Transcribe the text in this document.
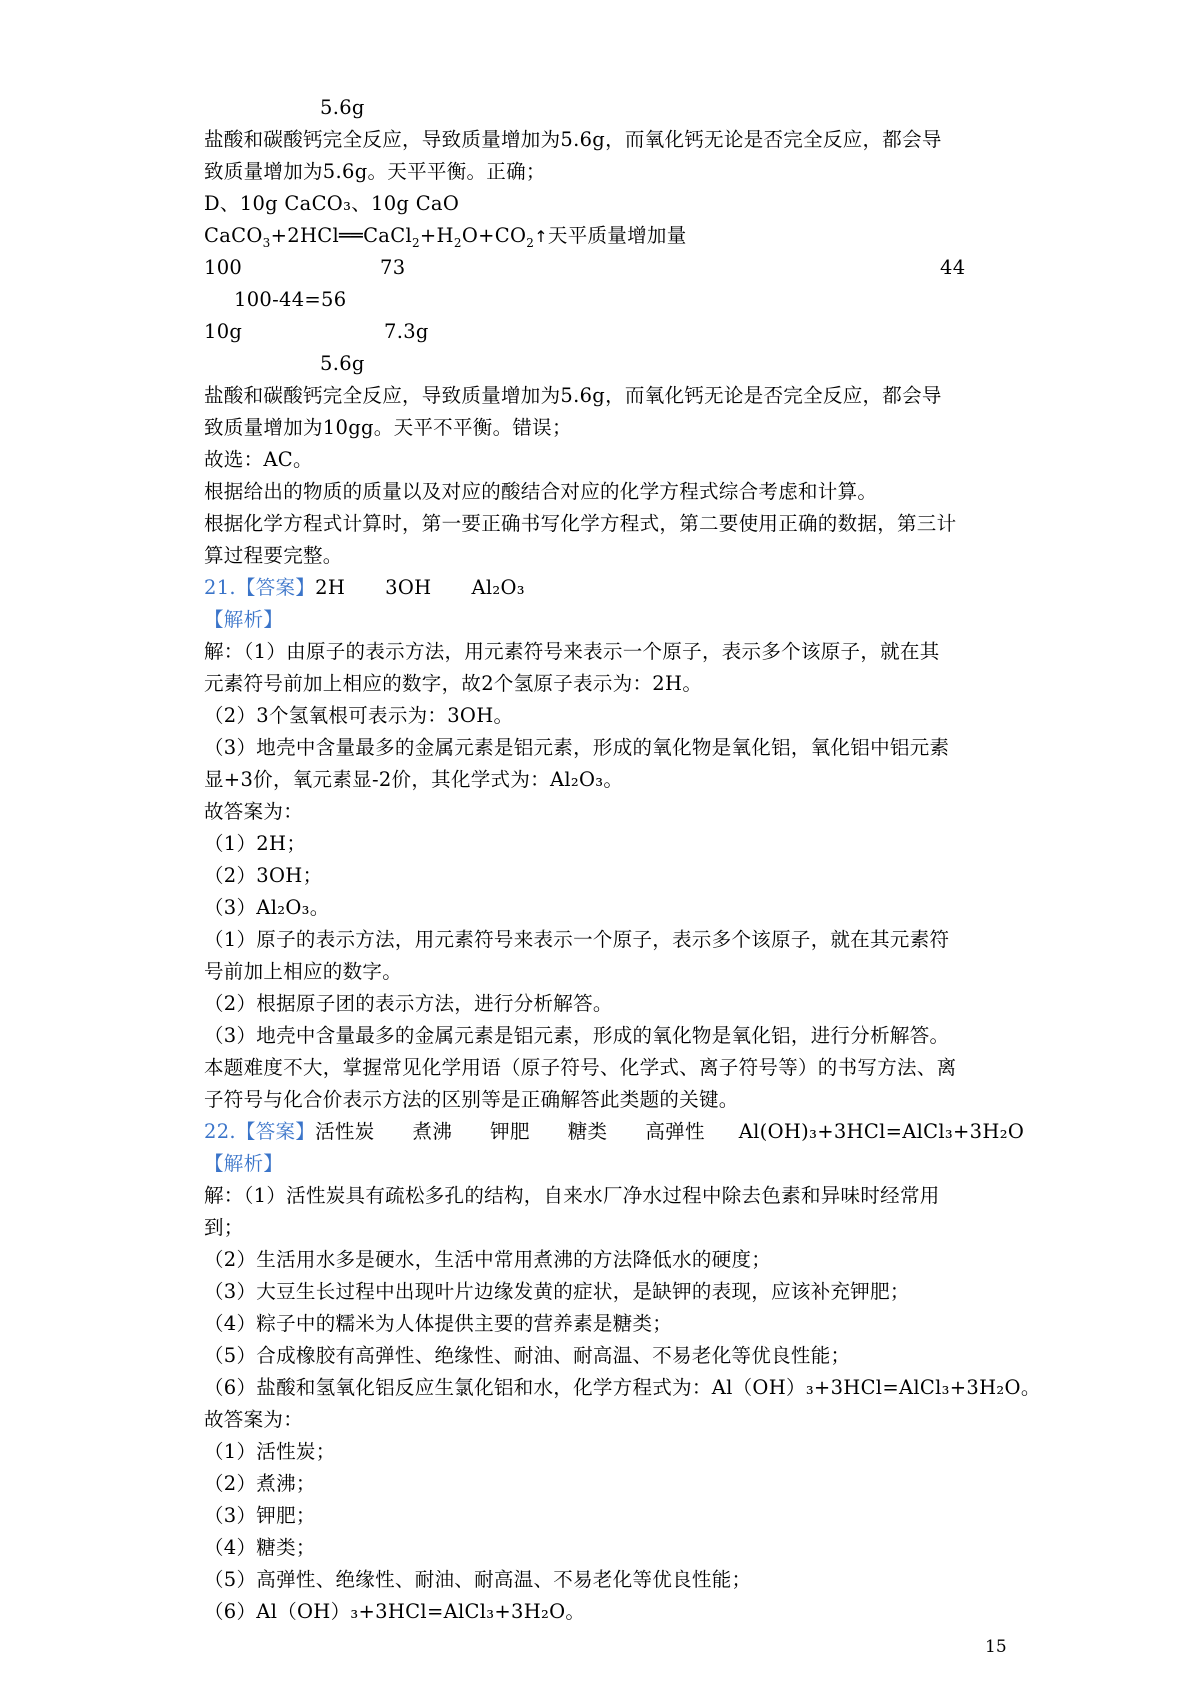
5.6g
盐酸和碳酸钙完全反应，导致质量增加为5.6g，而氧化钙无论是否完全反应，都会导
致质量增加为5.6g。天平平衡。正确；
D、10g CaCO₃、10g CaO
$CaCO_3+2HCl══CaCl_2+H_2O+CO_2↑$天平质量增加量
100	73	44
100-44=56
10g	7.3g
5.6g
盐酸和碳酸钙完全反应，导致质量增加为5.6g，而氧化钙无论是否完全反应，都会导
致质量增加为10gg。天平不平衡。错误；
故选：AC。
根据给出的物质的质量以及对应的酸结合对应的化学方程式综合考虑和计算。
根据化学方程式计算时，第一要正确书写化学方程式，第二要使用正确的数据，第三计
算过程要完整。
21.【答案】2H 3OH Al₂O₃
【解析】
解：（1）由原子的表示方法，用元素符号来表示一个原子，表示多个该原子，就在其
元素符号前加上相应的数字，故2个氢原子表示为：2H。
（2）3个氢氧根可表示为：3OH。
（3）地壳中含量最多的金属元素是铝元素，形成的氧化物是氧化铝，氧化铝中铝元素
显+3价，氧元素显-2价，其化学式为：Al₂O₃。
故答案为：
（1）2H；
（2）3OH；
（3）Al₂O₃。
（1）原子的表示方法，用元素符号来表示一个原子，表示多个该原子，就在其元素符
号前加上相应的数字。
（2）根据原子团的表示方法，进行分析解答。
（3）地壳中含量最多的金属元素是铝元素，形成的氧化物是氧化铝，进行分析解答。
本题难度不大，掌握常见化学用语（原子符号、化学式、离子符号等）的书写方法、离
子符号与化合价表示方法的区别等是正确解答此类题的关键。
22.【答案】活性炭 煮沸 钾肥 糖类 高弹性 Al(OH)₃+3HCl=AlCl₃+3H₂O
【解析】
解：（1）活性炭具有疏松多孔的结构，自来水厂净水过程中除去色素和异味时经常用
到；
（2）生活用水多是硬水，生活中常用煮沸的方法降低水的硬度；
（3）大豆生长过程中出现叶片边缘发黄的症状，是缺钾的表现，应该补充钾肥；
（4）粽子中的糯米为人体提供主要的营养素是糖类；
（5）合成橡胶有高弹性、绝缘性、耐油、耐高温、不易老化等优良性能；
（6）盐酸和氢氧化铝反应生氯化铝和水，化学方程式为：Al（OH）₃+3HCl=AlCl₃+3H₂O。
故答案为：
（1）活性炭；
（2）煮沸；
（3）钾肥；
（4）糖类；
（5）高弹性、绝缘性、耐油、耐高温、不易老化等优良性能；
（6）Al（OH）₃+3HCl=AlCl₃+3H₂O。
15
